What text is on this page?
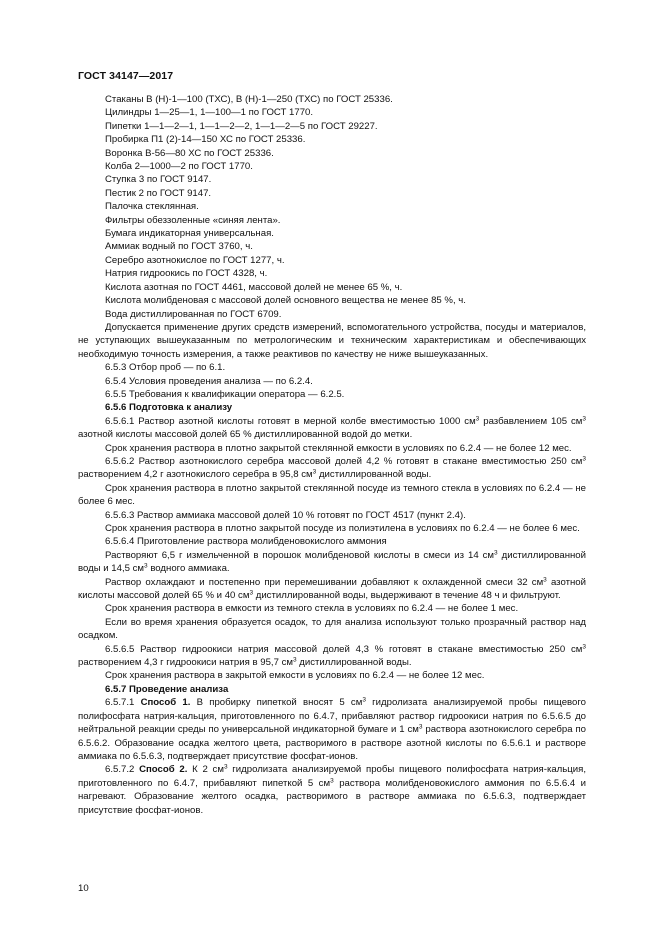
ГОСТ 34147—2017

Стаканы В (Н)-1—100 (ТХС), В (Н)-1—250 (ТХС) по ГОСТ 25336.

Цилиндры 1—25—1, 1—100—1 по ГОСТ 1770.

Пипетки 1—1—2—1, 1—1—2—2, 1—1—2—5 по ГОСТ 29227.

Пробирка П1 (2)-14—150 ХС по ГОСТ 25336.

Воронка В-56—80 ХС по ГОСТ 25336.

Колба 2—1000—2 по ГОСТ 1770.

Ступка 3 по ГОСТ 9147.

Пестик 2 по ГОСТ 9147.

Палочка стеклянная.

Фильтры обеззоленные «синяя лента».

Бумага индикаторная универсальная.

Аммиак водный по ГОСТ 3760, ч.

Серебро азотнокислое по ГОСТ 1277, ч.

Натрия гидроокись по ГОСТ 4328, ч.

Кислота азотная по ГОСТ 4461, массовой долей не менее 65 %, ч.

Кислота молибденовая с массовой долей основного вещества не менее 85 %, ч.

Вода дистиллированная по ГОСТ 6709.

Допускается применение других средств измерений, вспомогательного устройства, посуды и материалов, не уступающих вышеуказанным по метрологическим и техническим характеристикам и обеспечивающих необходимую точность измерения, а также реактивов по качеству не ниже вышеуказанных.

6.5.3 Отбор проб — по 6.1.

6.5.4 Условия проведения анализа — по 6.2.4.

6.5.5 Требования к квалификации оператора — 6.2.5.

6.5.6 Подготовка к анализу

6.5.6.1 Раствор азотной кислоты готовят в мерной колбе вместимостью 1000 $см^3$ разбавлением 105 $см^3$ азотной кислоты массовой долей 65 % дистиллированной водой до метки.

Срок хранения раствора в плотно закрытой стеклянной емкости в условиях по 6.2.4 — не более 12 мес.

6.5.6.2 Раствор азотнокислого серебра массовой долей 4,2 % готовят в стакане вместимостью 250 $см^3$ растворением 4,2 г азотнокислого серебра в 95,8 $см^3$ дистиллированной воды.

Срок хранения раствора в плотно закрытой стеклянной посуде из темного стекла в условиях по 6.2.4 — не более 6 мес.

6.5.6.3 Раствор аммиака массовой долей 10 % готовят по ГОСТ 4517 (пункт 2.4).

Срок хранения раствора в плотно закрытой посуде из полиэтилена в условиях по 6.2.4 — не более 6 мес.

6.5.6.4 Приготовление раствора молибденовокислого аммония

Растворяют 6,5 г измельченной в порошок молибденовой кислоты в смеси из 14 $см^3$ дистиллированной воды и 14,5 $см^3$ водного аммиака.

Раствор охлаждают и постепенно при перемешивании добавляют к охлажденной смеси 32 $см^3$ азотной кислоты массовой долей 65 % и 40 $см^3$ дистиллированной воды, выдерживают в течение 48 ч и фильтруют.

Срок хранения раствора в емкости из темного стекла в условиях по 6.2.4 — не более 1 мес.

Если во время хранения образуется осадок, то для анализа используют только прозрачный раствор над осадком.

6.5.6.5 Раствор гидроокиси натрия массовой долей 4,3 % готовят в стакане вместимостью 250 $см^3$ растворением 4,3 г гидроокиси натрия в 95,7 $см^3$ дистиллированной воды.

Срок хранения раствора в закрытой емкости в условиях по 6.2.4 — не более 12 мес.

6.5.7 Проведение анализа

6.5.7.1 Способ 1. В пробирку пипеткой вносят 5 $см^3$ гидролизата анализируемой пробы пищевого полифосфата натрия-кальция, приготовленного по 6.4.7, прибавляют раствор гидроокиси натрия по 6.5.6.5 до нейтральной реакции среды по универсальной индикаторной бумаге и 1 $см^3$ раствора азотнокислого серебра по 6.5.6.2. Образование осадка желтого цвета, растворимого в растворе азотной кислоты по 6.5.6.1 и растворе аммиака по 6.5.6.3, подтверждает присутствие фосфат-ионов.

6.5.7.2 Способ 2. К 2 $см^3$ гидролизата анализируемой пробы пищевого полифосфата натрия-кальция, приготовленного по 6.4.7, прибавляют пипеткой 5 $см^3$ раствора молибденовокислого аммония по 6.5.6.4 и нагревают. Образование желтого осадка, растворимого в растворе аммиака по 6.5.6.3, подтверждает присутствие фосфат-ионов.

10
